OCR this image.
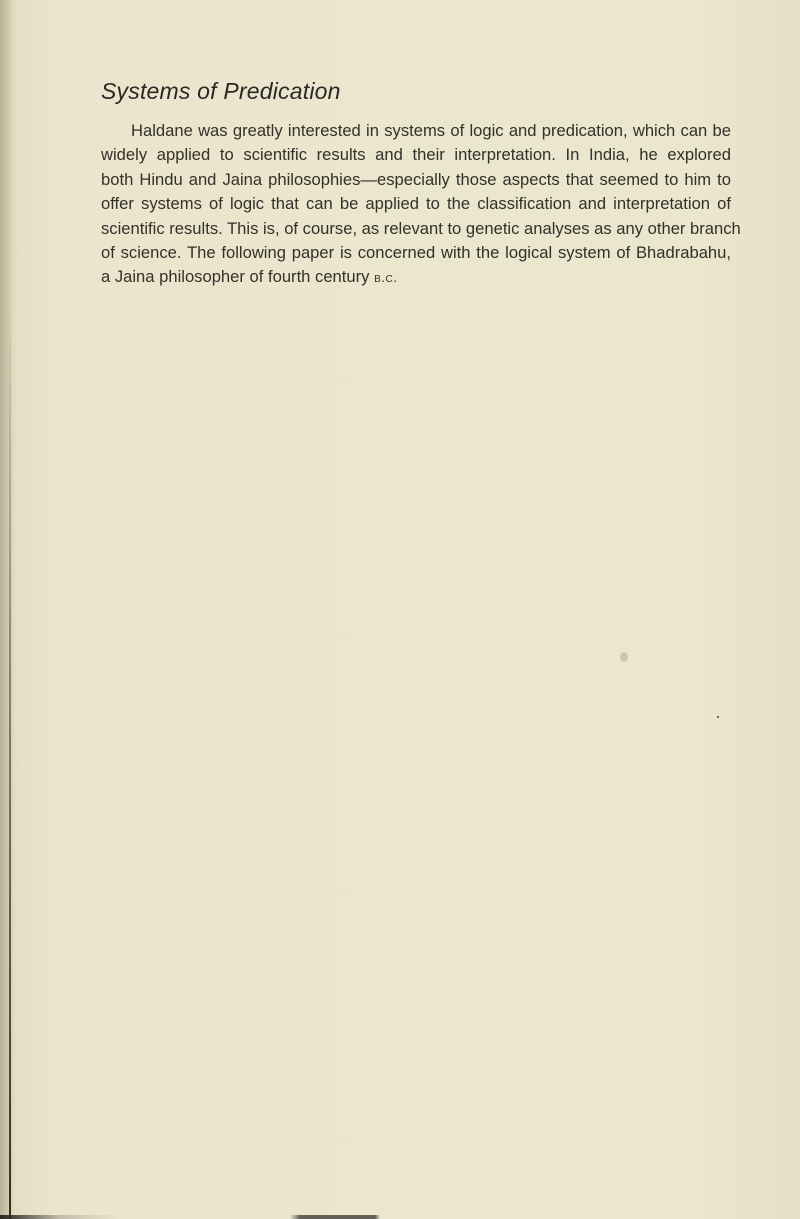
Systems of Predication

Haldane was greatly interested in systems of logic and predication, which can be
widely applied to scientific results and their interpretation. In India, he explored
both Hindu and Jaina philosophies—especially those aspects that seemed to him to
offer systems of logic that can be applied to the classification and interpretation of
scientific results. This is, of course, as relevant to genetic analyses as any other branch
of science. The following paper is concerned with the logical system of Bhadrabahu,
a Jaina philosopher of fourth century b.c.
